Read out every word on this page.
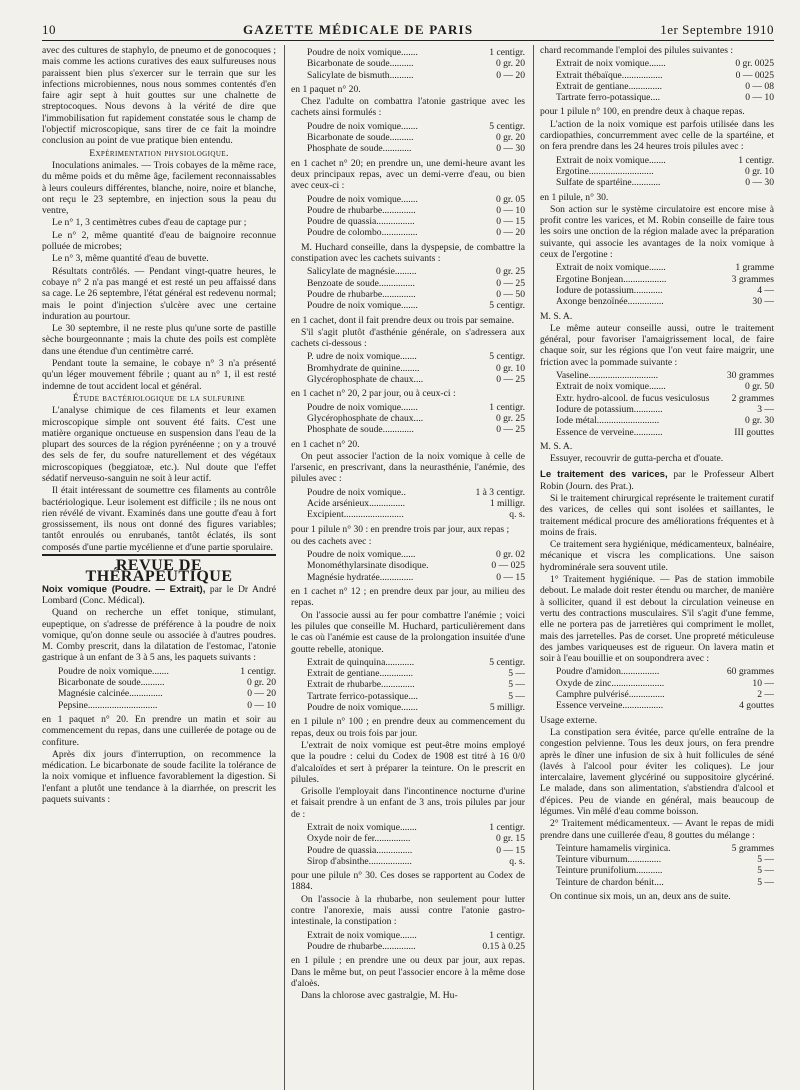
10	GAZETTE MÉDICALE DE PARIS	1er Septembre 1910

avec des cultures de staphylo, de pneumo et de gonocoques ; mais comme les actions curatives des eaux sulfureuses nous paraissent bien plus s'exercer sur le terrain que sur les infections microbiennes, nous nous sommes contentés d'en faire agir sept à huit gouttes sur une chalnette de streptocoques. Nous devons à la vérité de dire que l'immobilisation fut rapidement constatée sous le champ de l'objectif microscopique, sans tirer de ce fait la moindre conclusion au point de vue pratique bien entendu.

Expérimentation physiologique.

Inoculations animales. — Trois cobayes de la même race, du même poids et du même âge, facilement reconnaissables à leurs couleurs différentes, blanche, noire, noire et blanche, ont reçu le 23 septembre, en injection sous la peau du ventre,

Le n° 1, 3 centimètres cubes d'eau de captage pur ;

Le n° 2, même quantité d'eau de baignoire reconnue polluée de microbes;

Le n° 3, même quantité d'eau de buvette.

Résultats contrôlés. — Pendant vingt-quatre heures, le cobaye n° 2 n'a pas mangé et est resté un peu affaissé dans sa cage. Le 26 septembre, l'état général est redevenu normal; mais le point d'injection s'ulcère avec une certaine induration au pourtour.

Le 30 septembre, il ne reste plus qu'une sorte de pastille sèche bourgeonnante ; mais la chute des poils est complète dans une étendue d'un centimètre carré.

Pendant toute la semaine, le cobaye n° 3 n'a présenté qu'un léger mouvement fébrile ; quant au n° 1, il est resté indemne de tout accident local et général.

Étude bactériologique de la sulfurine

L'analyse chimique de ces filaments et leur examen microscopique simple ont souvent été faits. C'est une matière organique onctueuse en suspension dans l'eau de la plupart des sources de la région pyrénéenne ; on y a trouvé des sels de fer, du soufre naturellement et des végétaux microscopiques (beggiatoæ, etc.). Nul doute que l'effet sédatif nerveuso-sanguin ne soit à leur actif.

Il était intéressant de soumettre ces filaments au contrôle bactériologique. Leur isolement est difficile ; ils ne nous ont rien révélé de vivant. Examinés dans une goutte d'eau à fort grossissement, ils nous ont donné des figures variables; tantôt enroulés ou enrubanés, tantôt éclatés, ils sont composés d'une partie mycélienne et d'une partie sporulaire.

REVUE DE THÉRAPEUTIQUE

Noix vomique (Poudre. — Extrait), par le Dr André Lombard (Conc. Médical).

Quand on recherche un effet tonique, stimulant, eupeptique, on s'adresse de préférence à la poudre de noix vomique, qu'on donne seule ou associée à d'autres poudres. M. Comby prescrit, dans la dilatation de l'estomac, l'atonie gastrique à un enfant de 3 à 5 ans, les paquets suivants :

Poudre de noix vomique.......	1 centigr.
Bicarbonate de soude..........	0 gr. 20
Magnésie calcinée..............	0 — 20
Pepsine.............................	0 — 10

en 1 paquet n° 20. En prendre un matin et soir au commencement du repas, dans une cuillerée de potage ou de confiture.

Après dix jours d'interruption, on recommence la médication. Le bicarbonate de soude facilite la tolérance de la noix vomique et influence favorablement la digestion. Si l'enfant a plutôt une tendance à la diarrhée, on prescrit les paquets suivants :

Poudre de noix vomique.......	1 centigr.
Bicarbonate de soude..........	0 gr. 20
Salicylate de bismuth..........	0 — 20

en 1 paquet n° 20.

Chez l'adulte on combattra l'atonie gastrique avec les cachets ainsi formulés :

Poudre de noix vomique.......	5 centigr.
Bicarbonate de soude..........	0 gr. 20
Phosphate de soude............	0 — 30

en 1 cachet n° 20; en prendre un, une demi-heure avant les deux principaux repas, avec un demi-verre d'eau, ou bien avec ceux-ci :

Poudre de noix vomique.......	0 gr. 05
Poudre de rhubarbe..............	0 — 10
Poudre de quassia................	0 — 15
Poudre de colombo...............	0 — 20

M. Huchard conseille, dans la dyspepsie, de combattre la constipation avec les cachets suivants :

Salicylate de magnésie.........	0 gr. 25
Benzoate de soude...............	0 — 25
Poudre de rhubarbe..............	0 — 50
Poudre de noix vomique.......	5 centigr.

en 1 cachet, dont il fait prendre deux ou trois par semaine.

S'il s'agit plutôt d'asthénie générale, on s'adressera aux cachets ci-dessous :

P. udre de noix vomique.......	5 centigr.
Bromhydrate de quinine........	0 gr. 10
Glycérophosphate de chaux....	0 — 25

en 1 cachet n° 20, 2 par jour, ou à ceux-ci :

Poudre de noix vomique.......	1 centigr.
Glycérophosphate de chaux....	0 gr. 25
Phosphate de soude.............	0 — 25

en 1 cachet n° 20.

On peut associer l'action de la noix vomique à celle de l'arsenic, en prescrivant, dans la neurasthénie, l'anémie, des pilules avec :

Poudre de noix vomique..	1 à 3 centigr.
Acide arsénieux...............	1 milligr.
Excipient.........................	q. s.

pour 1 pilule n° 30 : en prendre trois par jour, aux repas ;

ou des cachets avec :

Poudre de noix vomique......	0 gr. 02
Monométhylarsinate disodique.	0 — 025
Magnésie hydratée..............	0 — 15

en 1 cachet n° 12 ; en prendre deux par jour, au milieu des repas.

On l'associe aussi au fer pour combattre l'anémie ; voici les pilules que conseille M. Huchard, particulièrement dans le cas où l'anémie est cause de la prolongation insuitée d'une goutte rebelle, atonique.

Extrait de quinquina............	5 centigr.
Extrait de gentiane..............	5 —
Extrait de rhubarbe..............	5 —
Tartrate ferrico-potassique....	5 —
Poudre de noix vomique.......	5 milligr.

en 1 pilule n° 100 ; en prendre deux au commencement du repas, deux ou trois fois par jour.

L'extrait de noix vomique est peut-être moins employé que la poudre : celui du Codex de 1908 est titré à 16 0/0 d'alcaloïdes et sert à préparer la teinture. On le prescrit en pilules.

Grisolle l'employait dans l'incontinence nocturne d'urine et faisait prendre à un enfant de 3 ans, trois pilules par jour de :

Extrait de noix vomique.......	1 centigr.
Oxyde noir de fer...............	0 gr. 15
Poudre de quassia...............	0 — 15
Sirop d'absinthe..................	q. s.

pour une pilule n° 30. Ces doses se rapportent au Codex de 1884.

On l'associe à la rhubarbe, non seulement pour lutter contre l'anorexie, mais aussi contre l'atonie gastro-intestinale, la constipation :

Extrait de noix vomique.......	1 centigr.
Poudre de rhubarbe..............	0.15 à 0.25

en 1 pilule ; en prendre une ou deux par jour, aux repas. Dans le même but, on peut l'associer encore à la même dose d'aloès.

Dans la chlorose avec gastralgie, M. Hu-

chard recommande l'emploi des pilules suivantes :

Extrait de noix vomique.......	0 gr. 0025
Extrait thébaïque.................	0 — 0025
Extrait de gentiane..............	0 — 08
Tartrate ferro-potassique....	0 — 10

pour 1 pilule n° 100, en prendre deux à chaque repas.

L'action de la noix vomique est parfois utilisée dans les cardiopathies, concurremment avec celle de la spartéine, et on fera prendre dans les 24 heures trois pilules avec :

Extrait de noix vomique.......	1 centigr.
Ergotine...........................	0 gr. 10
Sulfate de spartéine............	0 — 30

en 1 pilule, n° 30.

Son action sur le système circulatoire est encore mise à profit contre les varices, et M. Robin conseille de faire tous les soirs une onction de la région malade avec la préparation suivante, qui associe les avantages de la noix vomique à ceux de l'ergotine :

Extrait de noix vomique.......	1 gramme
Ergotine Bonjean..................	3 grammes
Iodure de potassium............	4 —
Axonge benzoïnée...............	30 —

M. S. A.

Le même auteur conseille aussi, outre le traitement général, pour favoriser l'amaigrissement local, de faire chaque soir, sur les régions que l'on veut faire maigrir, une friction avec la pommade suivante :

Vaseline.............................	30 grammes
Extrait de noix vomique.......	0 gr. 50
Extr. hydro-alcool. de fucus vesiculosus 2 grammes
Iodure de potassium............	3 —
Iode métal..........................	0 gr. 30
Essence de verveine............	III gouttes

M. S. A.

Essuyer, recouvrir de gutta-percha et d'ouate.

Le traitement des varices, par le Professeur Albert Robin (Journ. des Prat.).

Si le traitement chirurgical représente le traitement curatif des varices, de celles qui sont isolées et saillantes, le traitement médical procure des améliorations fréquentes et à moins de frais.

Ce traitement sera hygiénique, médicamenteux, balnéaire, mécanique et viscra les complications. Une saison hydrominérale sera souvent utile.

1° Traitement hygiénique. — Pas de station immobile debout. Le malade doit rester étendu ou marcher, de manière à solliciter, quand il est debout la circulation veineuse en vertu des contractions musculaires. S'il s'agit d'une femme, elle ne portera pas de jarretières qui compriment le mollet, mais des jarretelles. Pas de corset. Une propreté méticuleuse des jambes variqueuses est de rigueur. On lavera matin et soir à l'eau bouillie et on soupondrera avec :

Poudre d'amidon................	60 grammes
Oxyde de zinc......................	10 —
Camphre pulvérisé...............	2 —
Essence verveine.................	4 gouttes

Usage externe.

La constipation sera évitée, parce qu'elle entraîne de la congestion pelvienne. Tous les deux jours, on fera prendre après le dîner une infusion de six à huit follicules de séné (lavés à l'alcool pour éviter les coliques). Le jour intercalaire, lavement glycériné ou suppositoire glycériné. Le malade, dans son alimentation, s'abstiendra d'alcool et d'épices. Peu de viande en général, mais beaucoup de légumes. Vin mêlé d'eau comme boisson.

2° Traitement médicamenteux. — Avant le repas de midi prendre dans une cuillerée d'eau, 8 gouttes du mélange :

Teinture hamamelis virginica.	5 grammes
Teinture viburnum..............	5 —
Teinture prunifolium...........	5 —
Teinture de chardon bénit....	5 —

On continue six mois, un an, deux ans de suite.
